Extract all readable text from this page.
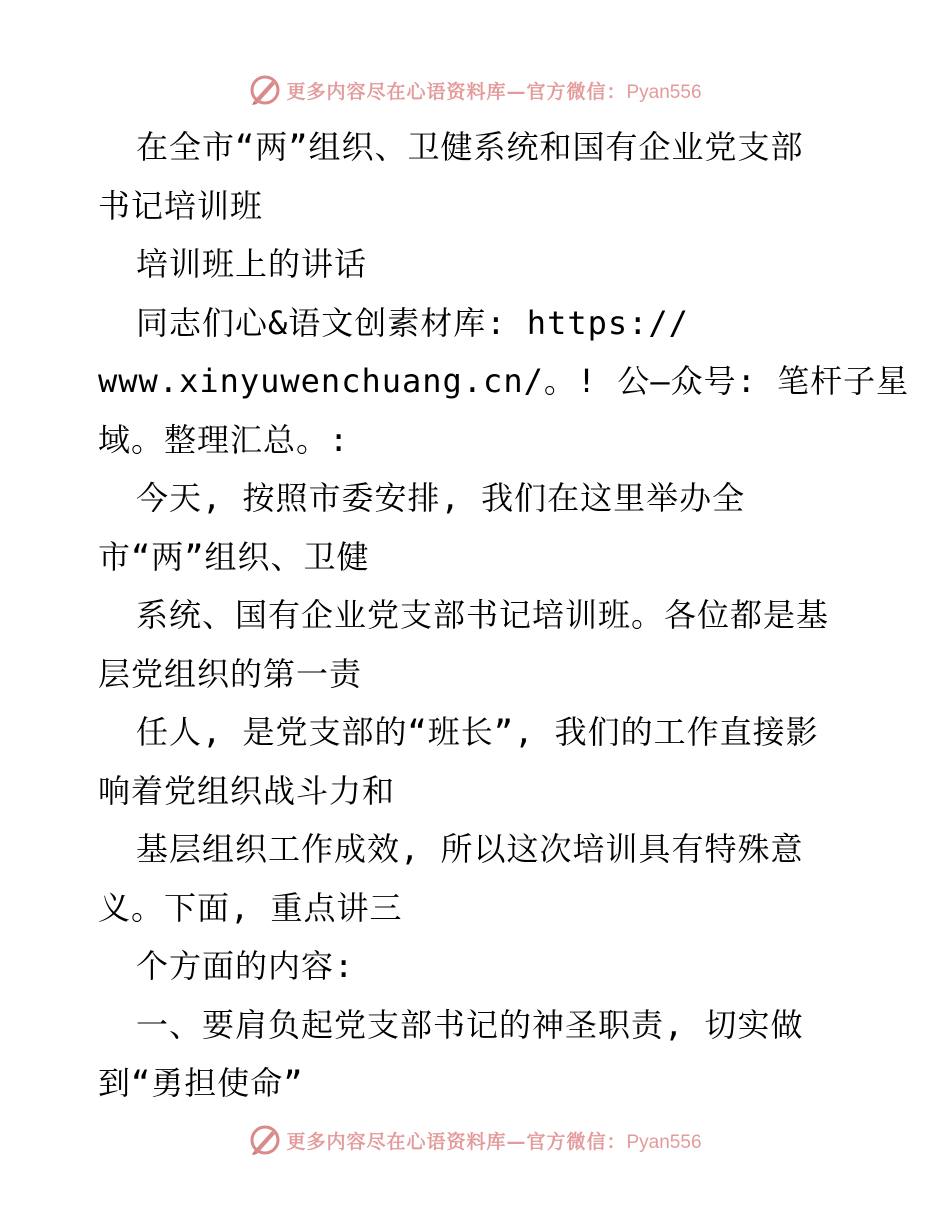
更多内容尽在心语资料库—官方微信：Pyan556
在全市“两”组织、卫健系统和国有企业党支部
书记培训班
培训班上的讲话
同志们心&语文创素材库: https://
www.xinyuwenchuang.cn/。! 公—众号: 笔杆子星
域。整理汇总。:
今天, 按照市委安排, 我们在这里举办全
市“两”组织、卫健
系统、国有企业党支部书记培训班。各位都是基
层党组织的第一责
任人, 是党支部的“班长”, 我们的工作直接影
响着党组织战斗力和
基层组织工作成效, 所以这次培训具有特殊意
义。下面, 重点讲三
个方面的内容:
一、要肩负起党支部书记的神圣职责, 切实做
到“勇担使命”
更多内容尽在心语资料库—官方微信：Pyan556
